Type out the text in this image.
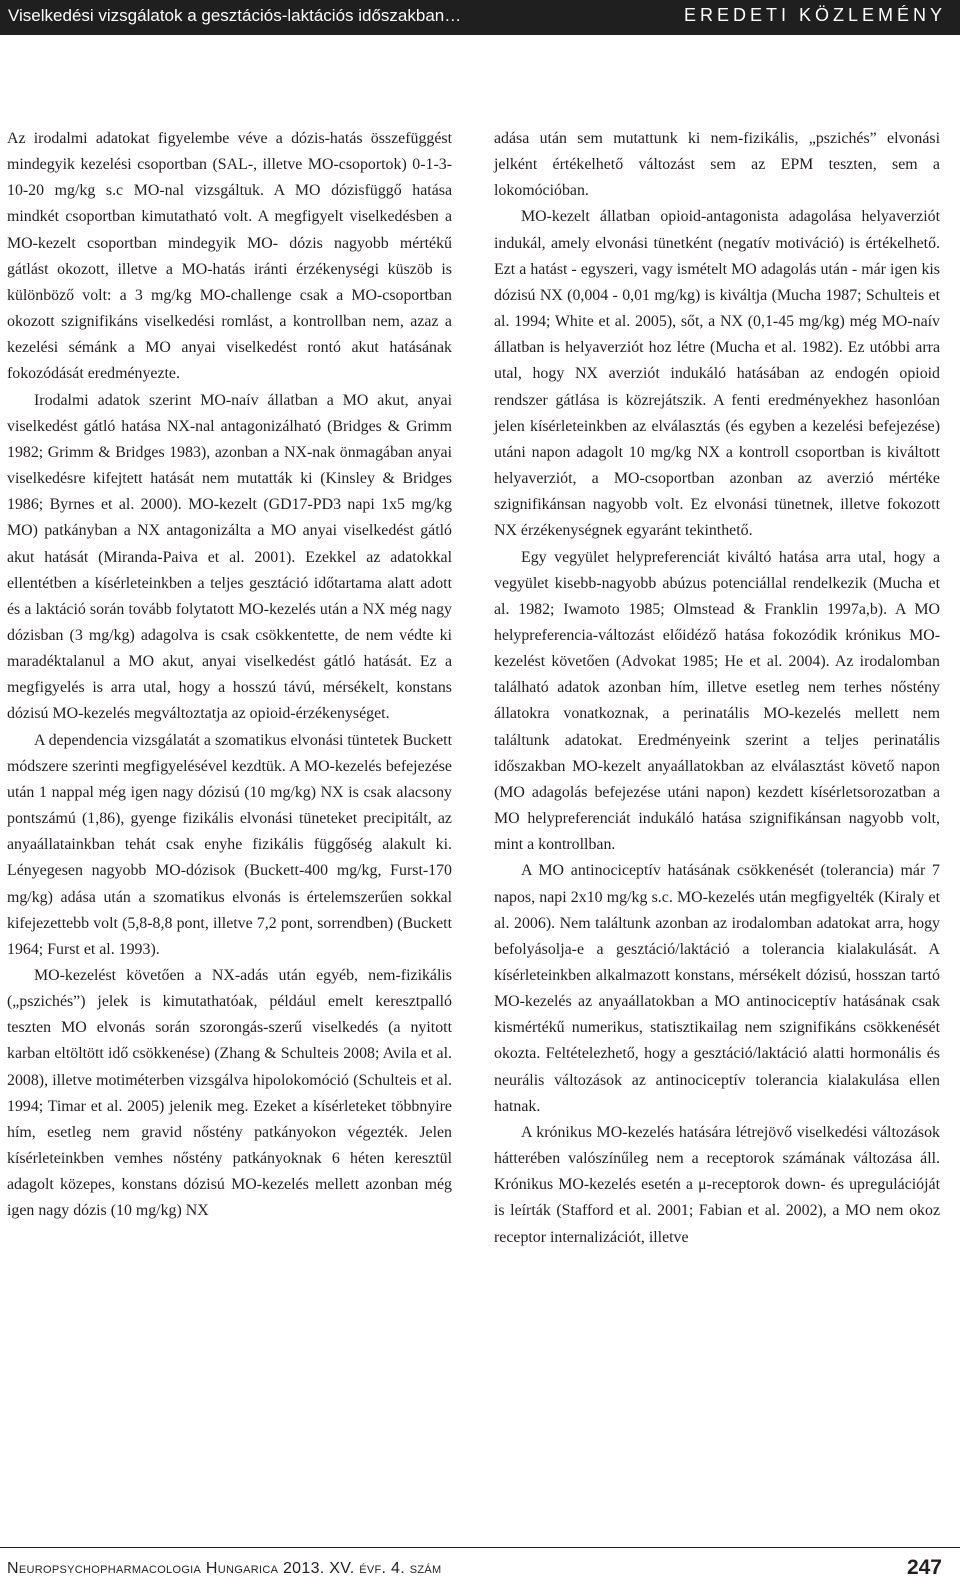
Viselkedési vizsgálatok a gesztációs-laktációs időszakban…	EREDETI KÖZLEMÉNY

Az irodalmi adatokat figyelembe véve a dózis-hatás összefüggést mindegyik kezelési csoportban (SAL-, illetve MO-csoportok) 0-1-3-10-20 mg/kg s.c MO-nal vizsgáltuk. A MO dózisfüggő hatása mindkét csoportban kimutatható volt. A megfigyelt viselkedésben a MO-kezelt csoportban mindegyik MO- dózis nagyobb mértékű gátlást okozott, illetve a MO-hatás iránti érzékenységi küszöb is különböző volt: a 3 mg/kg MO-challenge csak a MO-csoportban okozott szignifikáns viselkedési romlást, a kontrollban nem, azaz a kezelési sémánk a MO anyai viselkedést rontó akut hatásának fokozódását eredményezte.

Irodalmi adatok szerint MO-naív állatban a MO akut, anyai viselkedést gátló hatása NX-nal antagonizálható (Bridges & Grimm 1982; Grimm & Bridges 1983), azonban a NX-nak önmagában anyai viselkedésre kifejtett hatását nem mutatták ki (Kinsley & Bridges 1986; Byrnes et al. 2000). MO-kezelt (GD17-PD3 napi 1x5 mg/kg MO) patkányban a NX antagonizálta a MO anyai viselkedést gátló akut hatását (Miranda-Paiva et al. 2001). Ezekkel az adatokkal ellentétben a kísérleteinkben a teljes gesztáció időtartama alatt adott és a laktáció során tovább folytatott MO-kezelés után a NX még nagy dózisban (3 mg/kg) adagolva is csak csökkentette, de nem védte ki maradéktalanul a MO akut, anyai viselkedést gátló hatását. Ez a megfigyelés is arra utal, hogy a hosszú távú, mérsékelt, konstans dózisú MO-kezelés megváltoztatja az opioid-érzékenységet.

A dependencia vizsgálatát a szomatikus elvonási tüntetek Buckett módszere szerinti megfigyelésével kezdtük. A MO-kezelés befejezése után 1 nappal még igen nagy dózisú (10 mg/kg) NX is csak alacsony pontszámú (1,86), gyenge fizikális elvonási tüneteket precipitált, az anyaállatainkban tehát csak enyhe fizikális függőség alakult ki. Lényegesen nagyobb MO-dózisok (Buckett-400 mg/kg, Furst-170 mg/kg) adása után a szomatikus elvonás is értelemszerűen sokkal kifejezettebb volt (5,8-8,8 pont, illetve 7,2 pont, sorrendben) (Buckett 1964; Furst et al. 1993).

MO-kezelést követően a NX-adás után egyéb, nem-fizikális („pszichés”) jelek is kimutathatóak, például emelt keresztpalló teszten MO elvonás során szorongás-szerű viselkedés (a nyitott karban eltöltött idő csökkenése) (Zhang & Schulteis 2008; Avila et al. 2008), illetve motiméterben vizsgálva hipolokomóció (Schulteis et al. 1994; Timar et al. 2005) jelenik meg. Ezeket a kísérleteket többnyire hím, esetleg nem gravid nőstény patkányokon végezték. Jelen kísérleteinkben vemhes nőstény patkányoknak 6 héten keresztül adagolt közepes, konstans dózisú MO-kezelés mellett azonban még igen nagy dózis (10 mg/kg) NX

adása után sem mutattunk ki nem-fizikális, „pszichés” elvonási jelként értékelhető változást sem az EPM teszten, sem a lokomócióban.

MO-kezelt állatban opioid-antagonista adagolása helyaverziót indukál, amely elvonási tünetként (negatív motiváció) is értékelhető. Ezt a hatást - egyszeri, vagy ismételt MO adagolás után - már igen kis dózisú NX (0,004 - 0,01 mg/kg) is kiváltja (Mucha 1987; Schulteis et al. 1994; White et al. 2005), sőt, a NX (0,1-45 mg/kg) még MO-naív állatban is helyaverziót hoz létre (Mucha et al. 1982). Ez utóbbi arra utal, hogy NX averziót indukáló hatásában az endogén opioid rendszer gátlása is közrejátszik. A fenti eredményekhez hasonlóan jelen kísérleteinkben az elválasztás (és egyben a kezelési befejezése) utáni napon adagolt 10 mg/kg NX a kontroll csoportban is kiváltott helyaverziót, a MO-csoportban azonban az averzió mértéke szignifikánsan nagyobb volt. Ez elvonási tünetnek, illetve fokozott NX érzékenységnek egyaránt tekinthető.

Egy vegyület helypreferenciát kiváltó hatása arra utal, hogy a vegyület kisebb-nagyobb abúzus potenciállal rendelkezik (Mucha et al. 1982; Iwamoto 1985; Olmstead & Franklin 1997a,b). A MO helypreferencia-változást előidéző hatása fokozódik krónikus MO-kezelést követően (Advokat 1985; He et al. 2004). Az irodalomban található adatok azonban hím, illetve esetleg nem terhes nőstény állatokra vonatkoznak, a perinatális MO-kezelés mellett nem találtunk adatokat. Eredményeink szerint a teljes perinatális időszakban MO-kezelt anyaállatokban az elválasztást követő napon (MO adagolás befejezése utáni napon) kezdett kísérletsorozatban a MO helypreferenciát indukáló hatása szignifikánsan nagyobb volt, mint a kontrollban.

A MO antinociceptív hatásának csökkenését (tolerancia) már 7 napos, napi 2x10 mg/kg s.c. MO-kezelés után megfigyelték (Kiraly et al. 2006). Nem találtunk azonban az irodalomban adatokat arra, hogy befolyásolja-e a gesztáció/laktáció a tolerancia kialakulását. A kísérleteinkben alkalmazott konstans, mérsékelt dózisú, hosszan tartó MO-kezelés az anyaállatokban a MO antinociceptív hatásának csak kismértékű numerikus, statisztikailag nem szignifikáns csökkenését okozta. Feltételezhető, hogy a gesztáció/laktáció alatti hormonális és neurális változások az antinociceptív tolerancia kialakulása ellen hatnak.

A krónikus MO-kezelés hatására létrejövő viselkedési változások hátterében valószínűleg nem a receptorok számának változása áll. Krónikus MO-kezelés esetén a μ-receptorok down- és upregulációját is leírták (Stafford et al. 2001; Fabian et al. 2002), a MO nem okoz receptor internalizációt, illetve

Neuropsychopharmacologia Hungarica 2013. XV. évf. 4. szám	247
